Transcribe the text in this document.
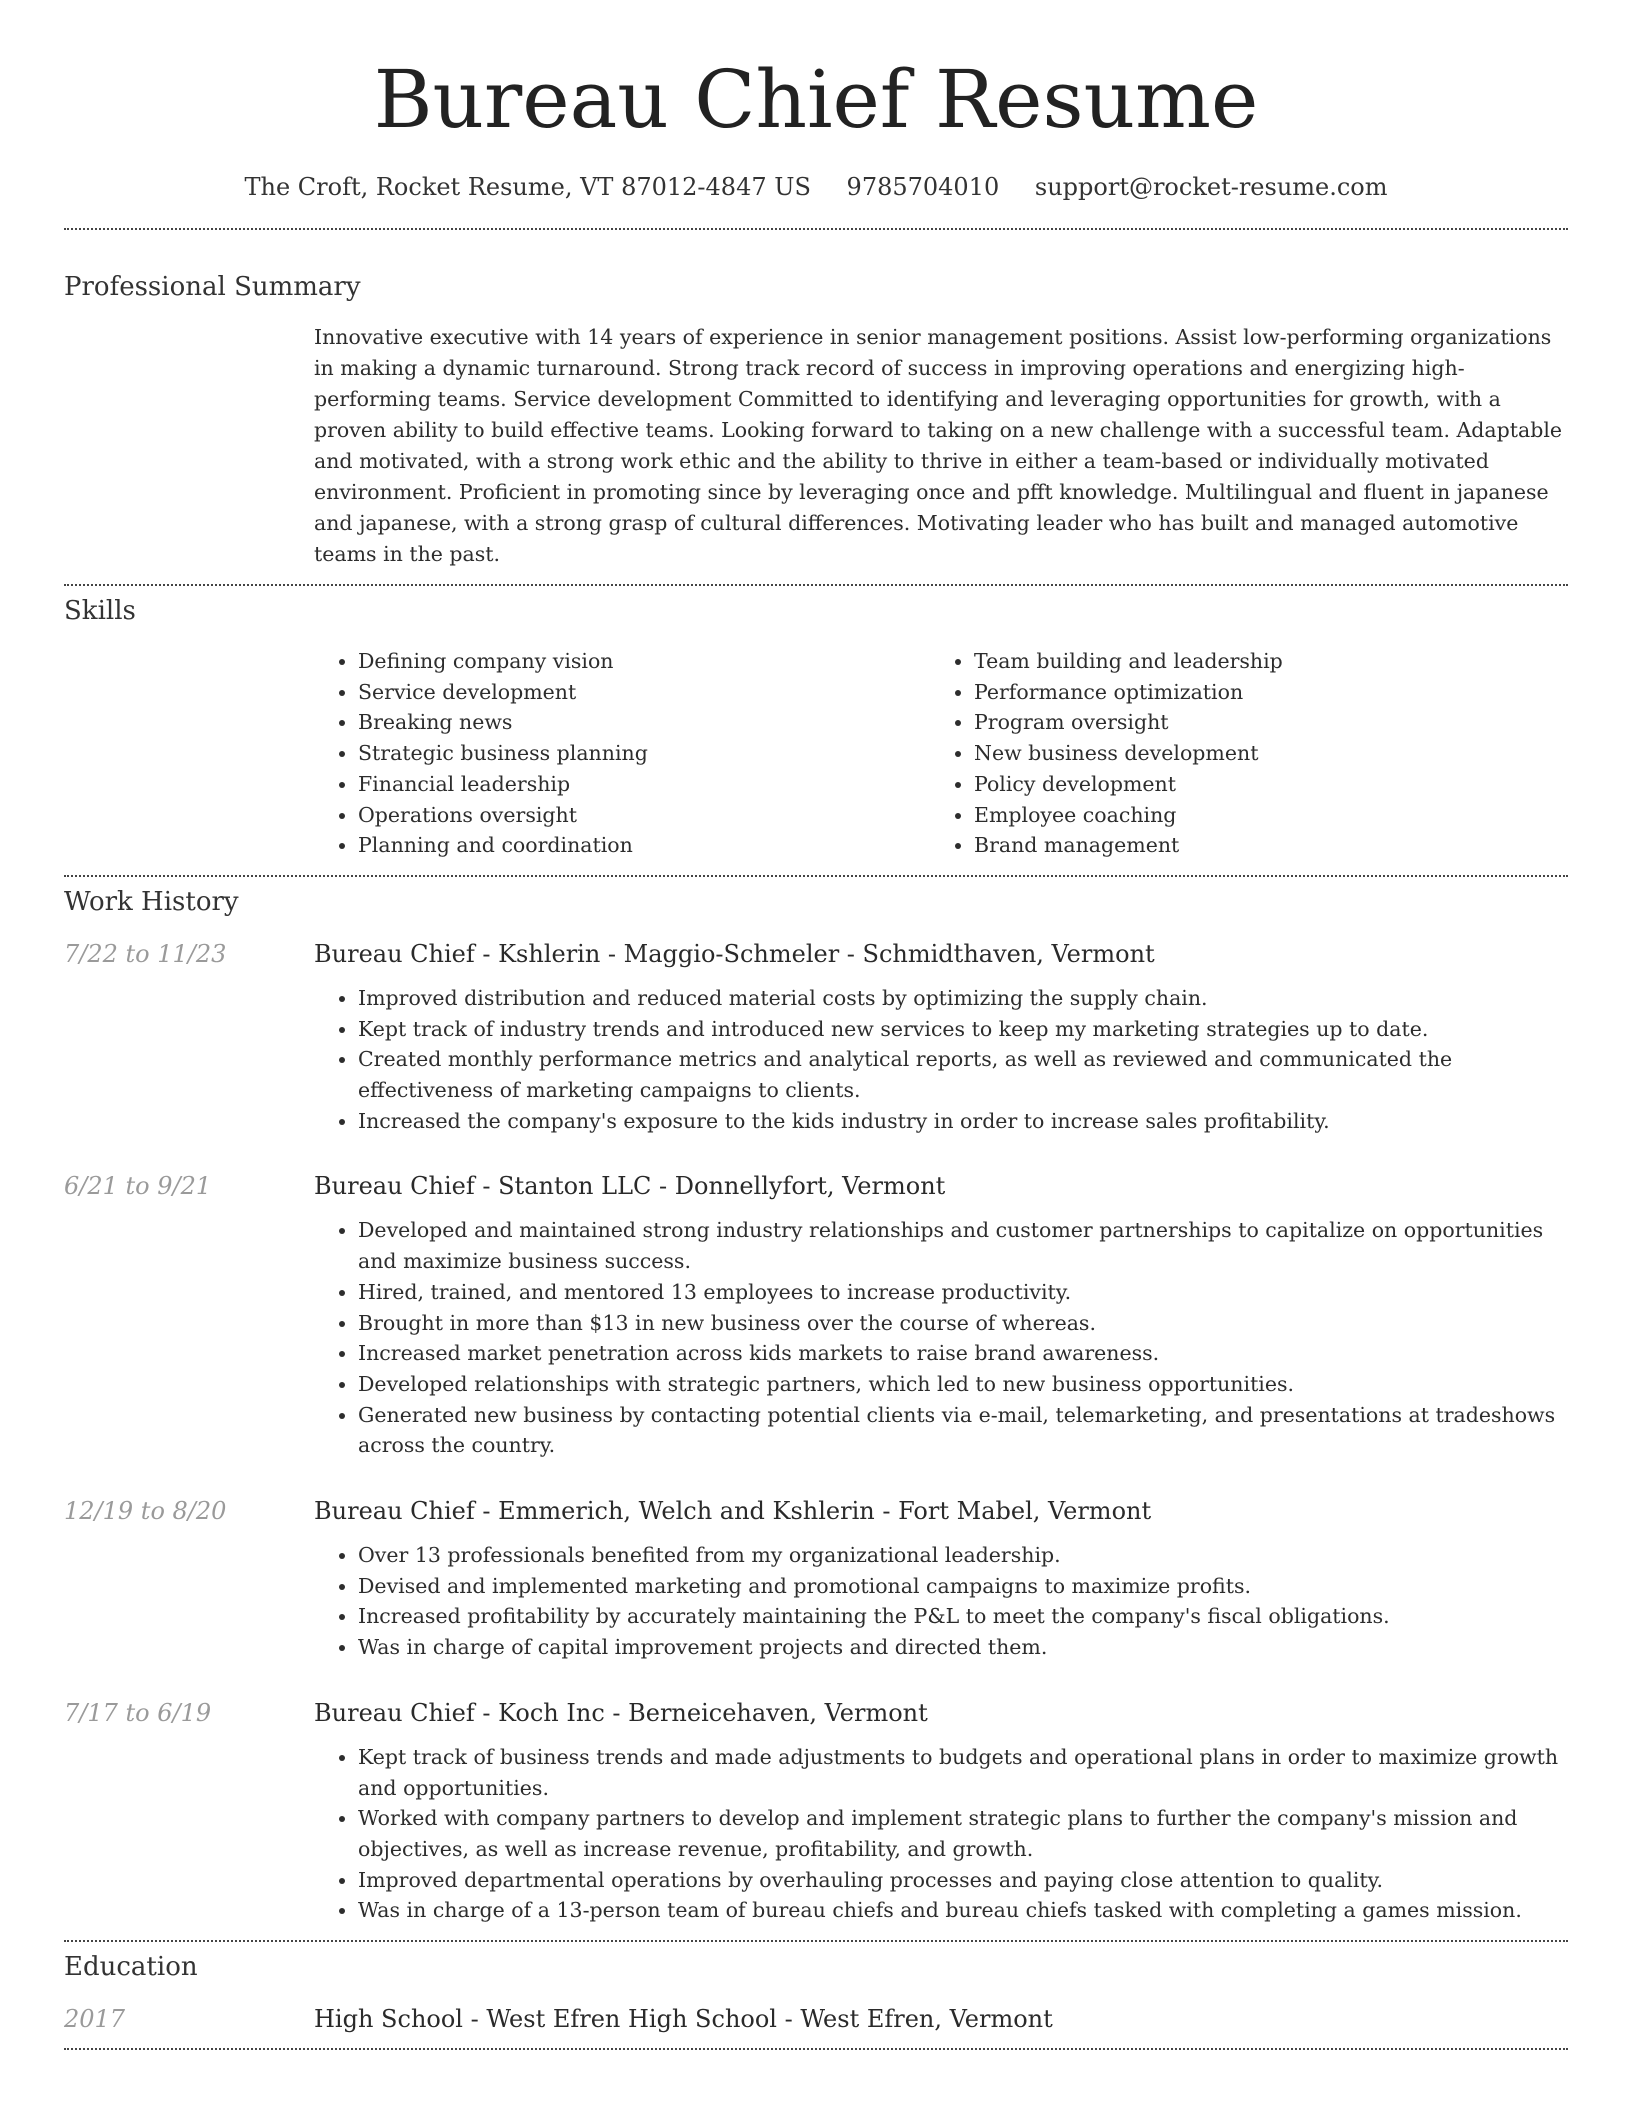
Bureau Chief Resume
The Croft, Rocket Resume, VT 87012-4847 US 9785704010 support@rocket-resume.com
Professional Summary

Innovative executive with 14 years of experience in senior management positions. Assist low-performing organizations in making a dynamic turnaround. Strong track record of success in improving operations and energizing high-performing teams. Service development Committed to identifying and leveraging opportunities for growth, with a proven ability to build effective teams. Looking forward to taking on a new challenge with a successful team. Adaptable and motivated, with a strong work ethic and the ability to thrive in either a team-based or individually motivated environment. Proficient in promoting since by leveraging once and pfft knowledge. Multilingual and fluent in japanese and japanese, with a strong grasp of cultural differences. Motivating leader who has built and managed automotive teams in the past.

Skills
• Defining company vision
• Service development
• Breaking news
• Strategic business planning
• Financial leadership
• Operations oversight
• Planning and coordination
• Team building and leadership
• Performance optimization
• Program oversight
• New business development
• Policy development
• Employee coaching
• Brand management
Work History
7/22 to 11/23	Bureau Chief - Kshlerin - Maggio-Schmeler - Schmidthaven, Vermont
• Improved distribution and reduced material costs by optimizing the supply chain.
• Kept track of industry trends and introduced new services to keep my marketing strategies up to date.
• Created monthly performance metrics and analytical reports, as well as reviewed and communicated the effectiveness of marketing campaigns to clients.
• Increased the company's exposure to the kids industry in order to increase sales profitability.
6/21 to 9/21	Bureau Chief - Stanton LLC - Donnellyfort, Vermont
• Developed and maintained strong industry relationships and customer partnerships to capitalize on opportunities and maximize business success.
• Hired, trained, and mentored 13 employees to increase productivity.
• Brought in more than $13 in new business over the course of whereas.
• Increased market penetration across kids markets to raise brand awareness.
• Developed relationships with strategic partners, which led to new business opportunities.
• Generated new business by contacting potential clients via e-mail, telemarketing, and presentations at tradeshows across the country.
12/19 to 8/20	Bureau Chief - Emmerich, Welch and Kshlerin - Fort Mabel, Vermont
• Over 13 professionals benefited from my organizational leadership.
• Devised and implemented marketing and promotional campaigns to maximize profits.
• Increased profitability by accurately maintaining the P&L to meet the company's fiscal obligations.
• Was in charge of capital improvement projects and directed them.
7/17 to 6/19	Bureau Chief - Koch Inc - Berneicehaven, Vermont
• Kept track of business trends and made adjustments to budgets and operational plans in order to maximize growth and opportunities.
• Worked with company partners to develop and implement strategic plans to further the company's mission and objectives, as well as increase revenue, profitability, and growth.
• Improved departmental operations by overhauling processes and paying close attention to quality.
• Was in charge of a 13-person team of bureau chiefs and bureau chiefs tasked with completing a games mission.
Education
2017	High School - West Efren High School - West Efren, Vermont
